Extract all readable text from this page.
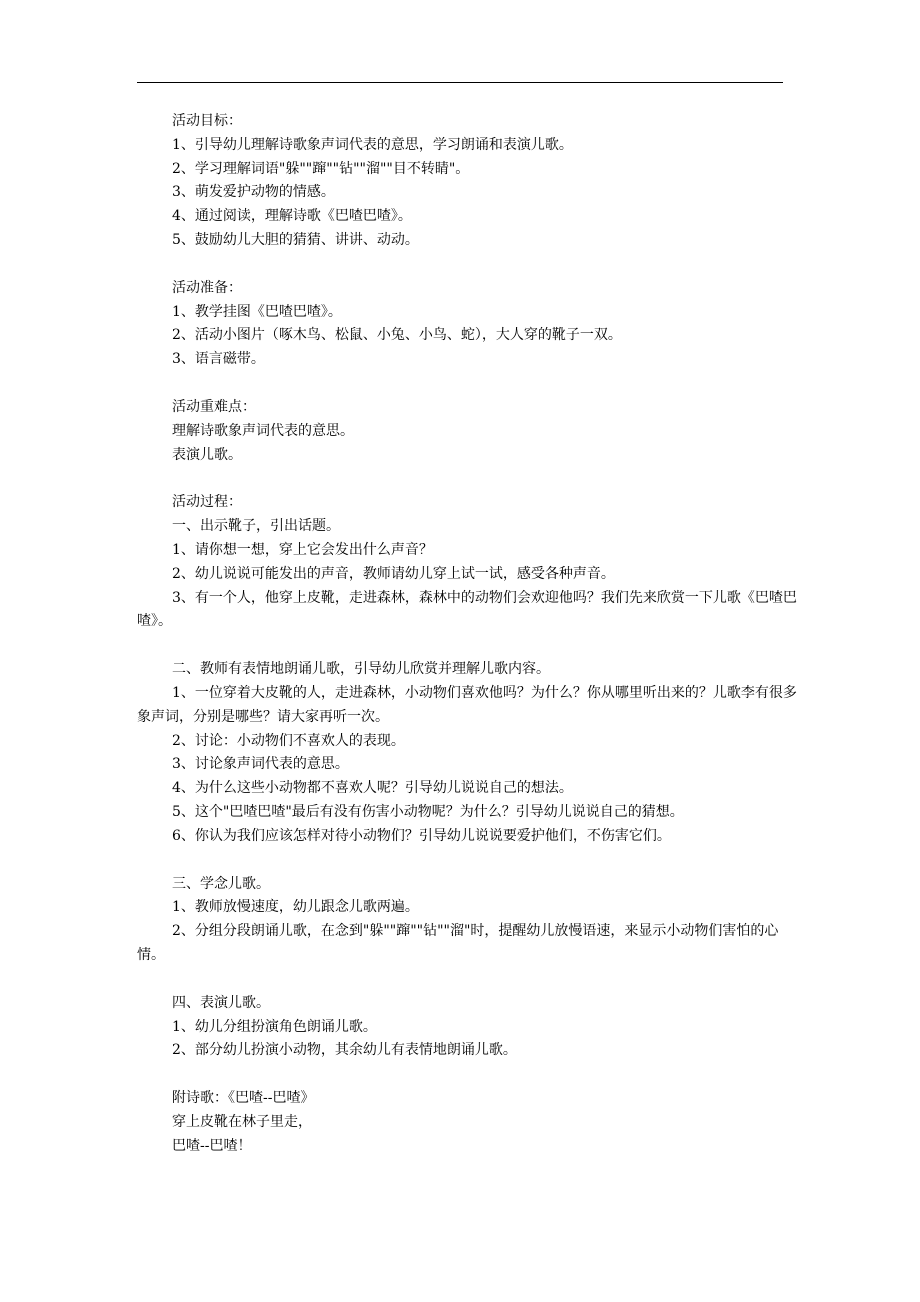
活动目标：

1、引导幼儿理解诗歌象声词代表的意思，学习朗诵和表演儿歌。

2、学习理解词语"躲""蹿""钻""溜""目不转睛"。

3、萌发爱护动物的情感。

4、通过阅读，理解诗歌《巴喳巴喳》。

5、鼓励幼儿大胆的猜猜、讲讲、动动。

活动准备：

1、教学挂图《巴喳巴喳》。

2、活动小图片（啄木鸟、松鼠、小兔、小鸟、蛇），大人穿的靴子一双。

3、语言磁带。

活动重难点：

理解诗歌象声词代表的意思。

表演儿歌。

活动过程：

一、出示靴子，引出话题。

1、请你想一想，穿上它会发出什么声音？

2、幼儿说说可能发出的声音，教师请幼儿穿上试一试，感受各种声音。

3、有一个人，他穿上皮靴，走进森林，森林中的动物们会欢迎他吗？我们先来欣赏一下儿歌《巴喳巴喳》。

二、教师有表情地朗诵儿歌，引导幼儿欣赏并理解儿歌内容。

1、一位穿着大皮靴的人，走进森林，小动物们喜欢他吗？为什么？你从哪里听出来的？儿歌李有很多象声词，分别是哪些？请大家再听一次。

2、讨论：小动物们不喜欢人的表现。

3、讨论象声词代表的意思。

4、为什么这些小动物都不喜欢人呢？引导幼儿说说自己的想法。

5、这个"巴喳巴喳"最后有没有伤害小动物呢？为什么？引导幼儿说说自己的猜想。

6、你认为我们应该怎样对待小动物们？引导幼儿说说要爱护他们，不伤害它们。

三、学念儿歌。

1、教师放慢速度，幼儿跟念儿歌两遍。

2、分组分段朗诵儿歌，在念到"躲""蹿""钻""溜"时，提醒幼儿放慢语速，来显示小动物们害怕的心情。

四、表演儿歌。

1、幼儿分组扮演角色朗诵儿歌。

2、部分幼儿扮演小动物，其余幼儿有表情地朗诵儿歌。

附诗歌：《巴喳--巴喳》

穿上皮靴在林子里走，

巴喳--巴喳！
